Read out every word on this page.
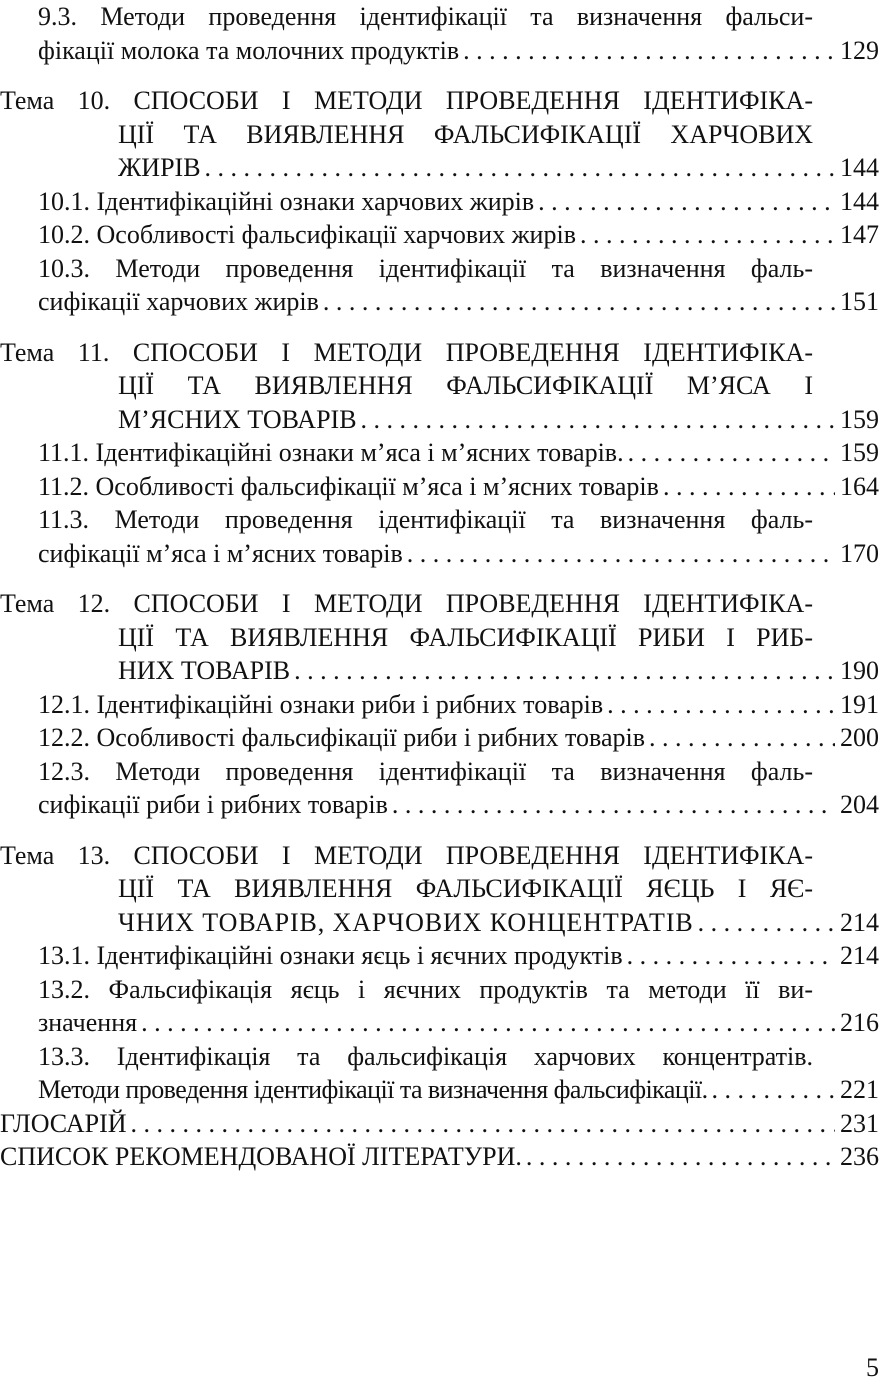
9.3. Методи проведення ідентифікації та визначення фальси-
фікації молока та молочних продуктів . . .	129
Тема 10. СПОСОБИ І МЕТОДИ ПРОВЕДЕННЯ ІДЕНТИФІКА-
ЦІЇ ТА ВИЯВЛЕННЯ ФАЛЬСИФІКАЦІЇ ХАРЧОВИХ
ЖИРІВ . . .	144
10.1. Ідентифікаційні ознаки харчових жирів . . .	144
10.2. Особливості фальсифікації харчових жирів . . .	147
10.3. Методи проведення ідентифікації та визначення фаль-
сифікації харчових жирів . . .	151
Тема 11. СПОСОБИ І МЕТОДИ ПРОВЕДЕННЯ ІДЕНТИФІКА-
ЦІЇ ТА ВИЯВЛЕННЯ ФАЛЬСИФІКАЦІЇ М’ЯСА І
М’ЯСНИХ ТОВАРІВ . . .	159
11.1. Ідентифікаційні ознаки м’яса і м’ясних товарів. . . .	159
11.2. Особливості фальсифікації м’яса і м’ясних товарів . . .	164
11.3. Методи проведення ідентифікації та визначення фаль-
сифікації м’яса і м’ясних товарів . . .	170
Тема 12. СПОСОБИ І МЕТОДИ ПРОВЕДЕННЯ ІДЕНТИФІКА-
ЦІЇ ТА ВИЯВЛЕННЯ ФАЛЬСИФІКАЦІЇ РИБИ І РИБ-
НИХ ТОВАРІВ . . .	190
12.1. Ідентифікаційні ознаки риби і рибних товарів . . .	191
12.2. Особливості фальсифікації риби і рибних товарів . . .	200
12.3. Методи проведення ідентифікації та визначення фаль-
сифікації риби і рибних товарів . . .	204
Тема 13. СПОСОБИ І МЕТОДИ ПРОВЕДЕННЯ ІДЕНТИФІКА-
ЦІЇ ТА ВИЯВЛЕННЯ ФАЛЬСИФІКАЦІЇ ЯЄЦЬ І ЯЄ-
ЧНИХ ТОВАРІВ, ХАРЧОВИХ КОНЦЕНТРАТІВ . . .	214
13.1. Ідентифікаційні ознаки яєць і яєчних продуктів . . .	214
13.2. Фальсифікація яєць і яєчних продуктів та методи її ви-
значення . . .	216
13.3. Ідентифікація та фальсифікація харчових концентратів.
Методи проведення ідентифікації та визначення фальсифікації. . . .	221
ГЛОСАРІЙ . . .	231
СПИСОК РЕКОМЕНДОВАНОЇ ЛІТЕРАТУРИ. . . .	236
5
